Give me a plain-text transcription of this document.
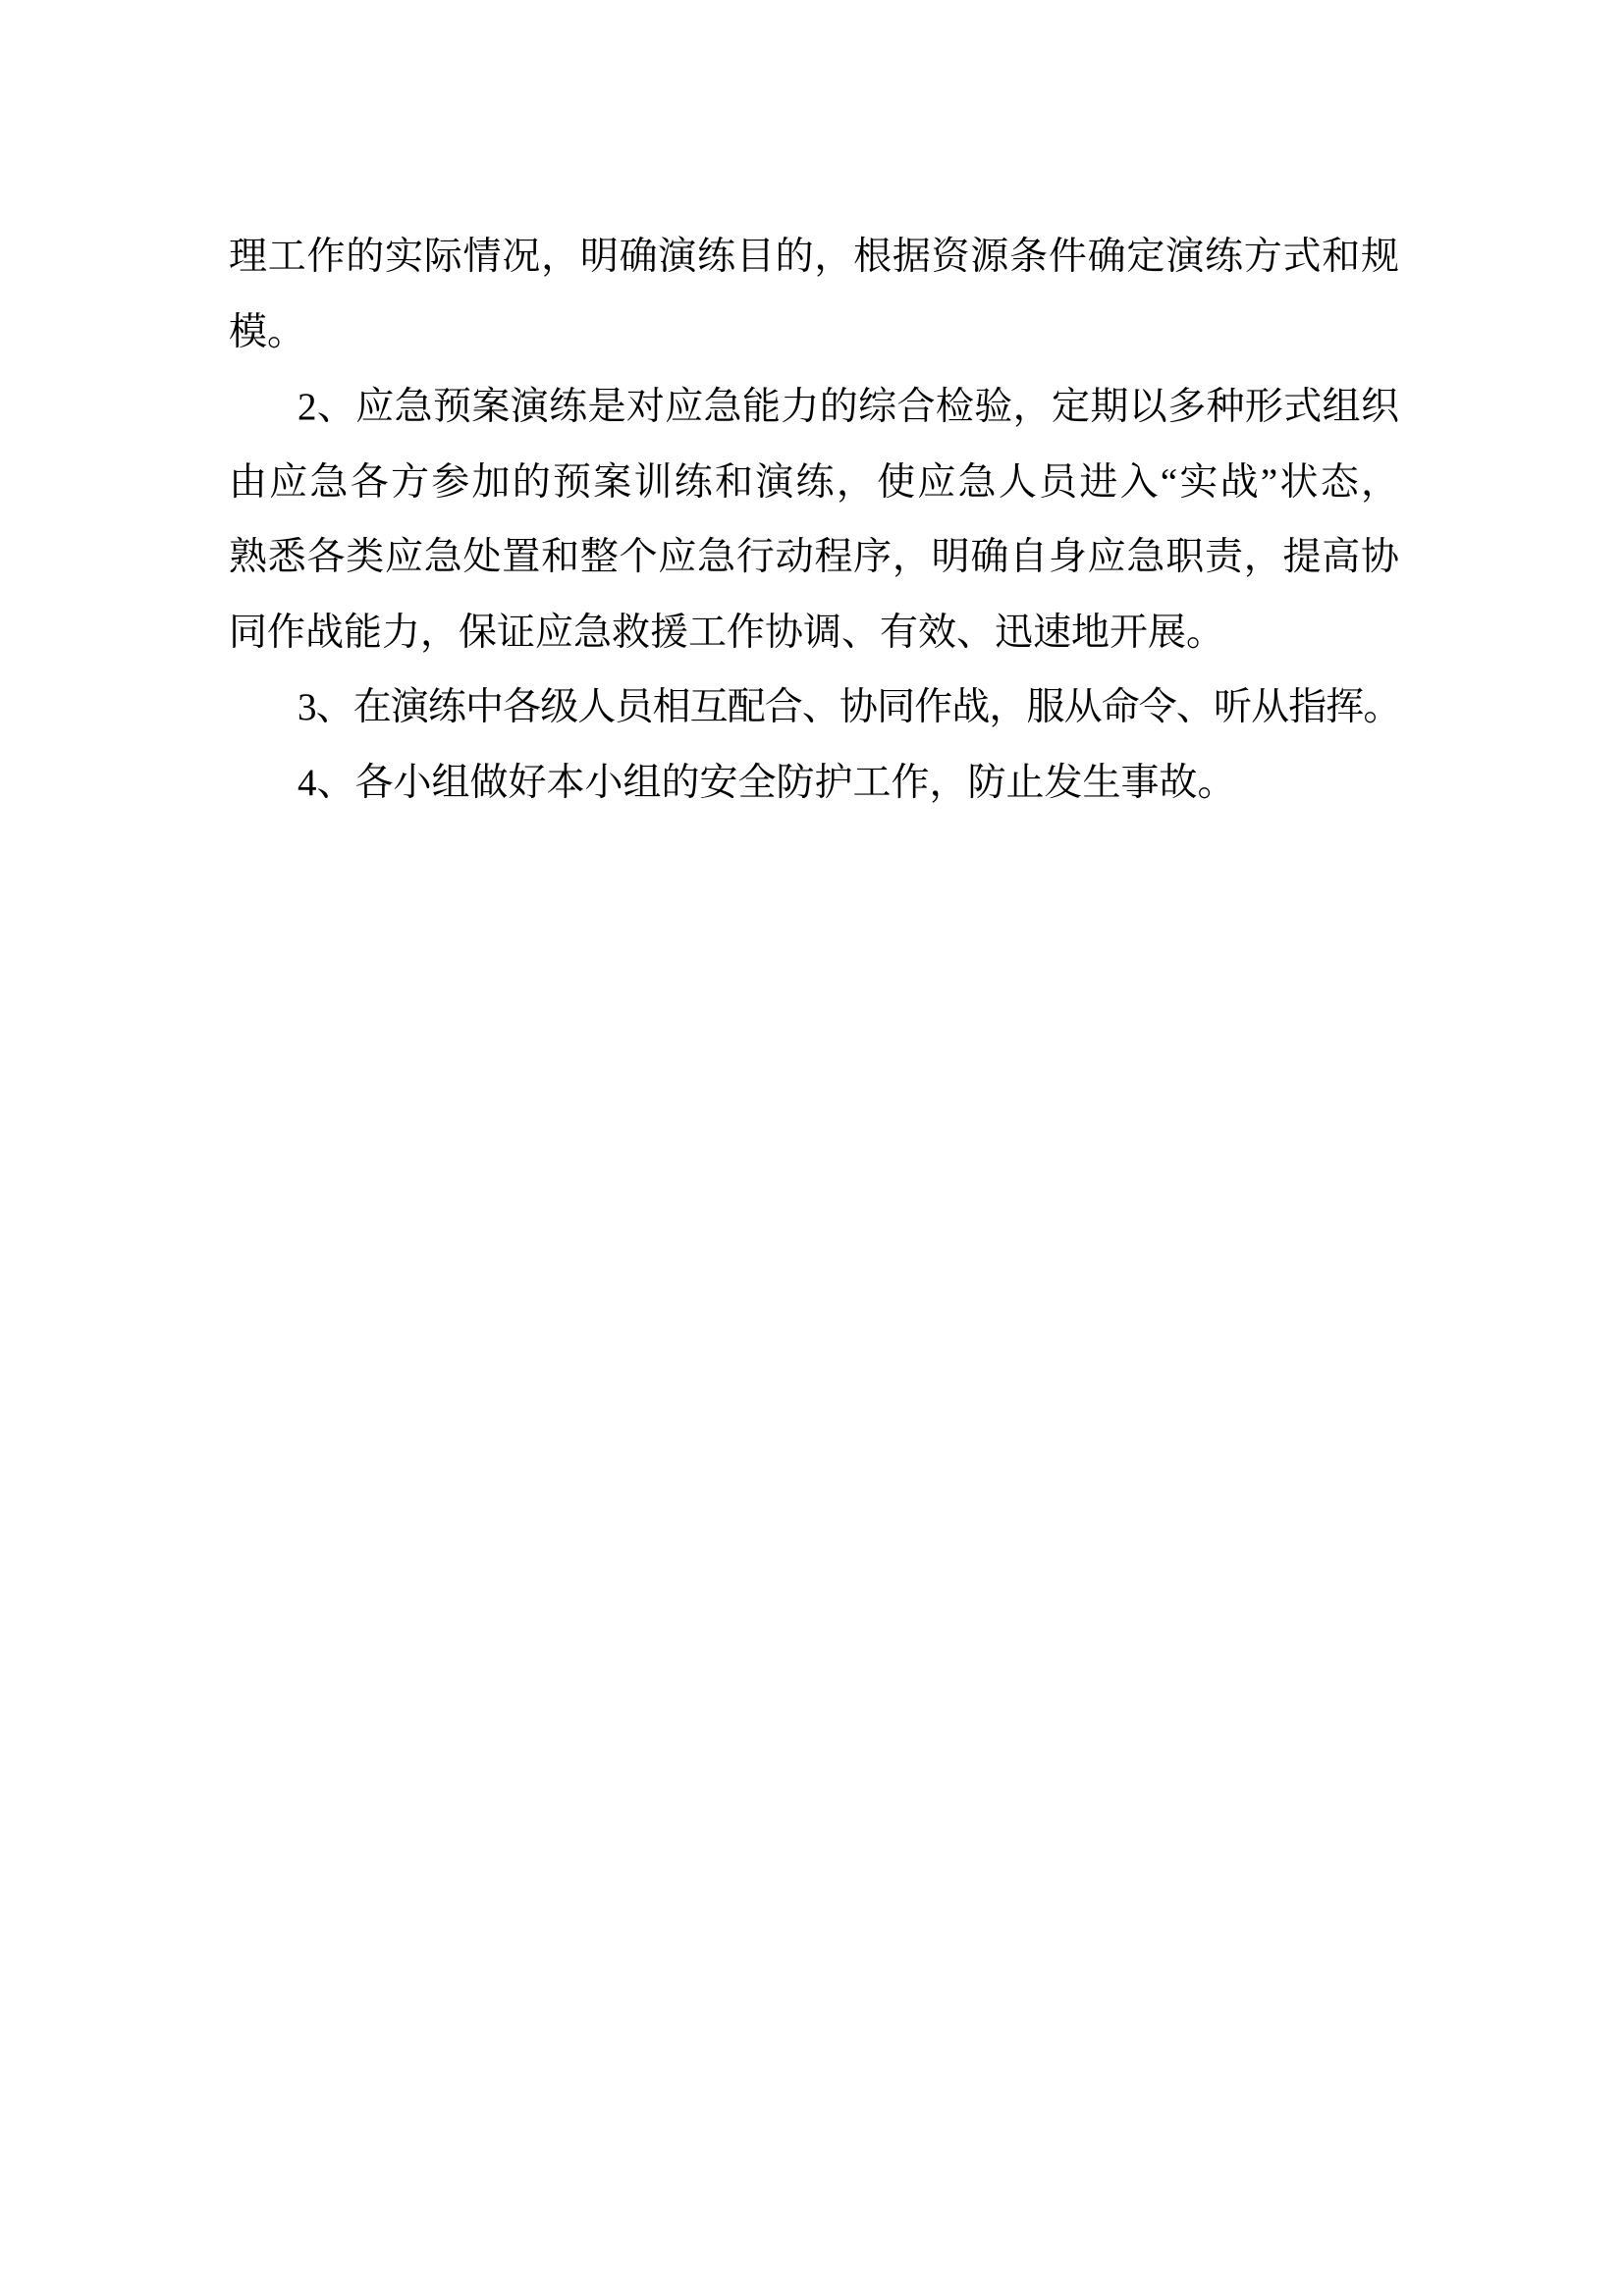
理工作的实际情况，明确演练目的，根据资源条件确定演练方式和规
模。
2、应急预案演练是对应急能力的综合检验，定期以多种形式组织
由应急各方参加的预案训练和演练，使应急人员进入“实战”状态，
熟悉各类应急处置和整个应急行动程序，明确自身应急职责，提高协
同作战能力，保证应急救援工作协调、有效、迅速地开展。
3、在演练中各级人员相互配合、协同作战，服从命令、听从指挥。
4、各小组做好本小组的安全防护工作，防止发生事故。
